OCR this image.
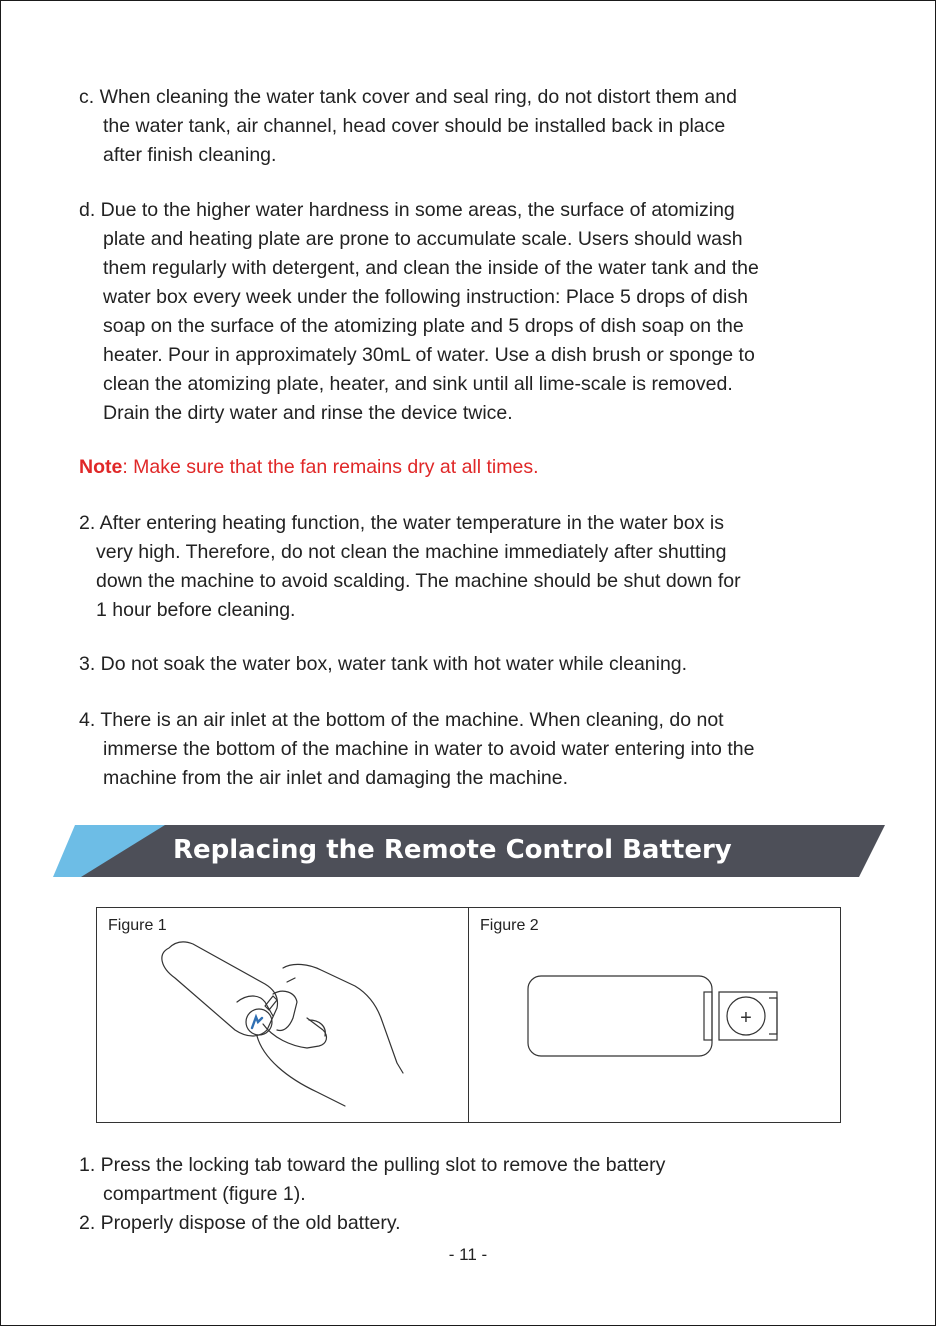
c. When cleaning the water tank cover and seal ring, do not distort them and
the water tank, air channel, head cover should be installed back in place
after finish cleaning.

d. Due to the higher water hardness in some areas, the surface of atomizing
plate and heating plate are prone to accumulate scale. Users should wash
them regularly with detergent, and clean the inside of the water tank and the
water box every week under the following instruction: Place 5 drops of dish
soap on the surface of the atomizing plate and 5 drops of dish soap on the
heater. Pour in approximately 30mL of water. Use a dish brush or sponge to
clean the atomizing plate, heater, and sink until all lime-scale is removed.
Drain the dirty water and rinse the device twice.

Note: Make sure that the fan remains dry at all times.

2. After entering heating function, the water temperature in the water box is
very high. Therefore, do not clean the machine immediately after shutting
down the machine to avoid scalding. The machine should be shut down for
1 hour before cleaning.

3. Do not soak the water box, water tank with hot water while cleaning.

4. There is an air inlet at the bottom of the machine. When cleaning, do not
immerse the bottom of the machine in water to avoid water entering into the
machine from the air inlet and damaging the machine.

Replacing the Remote Control Battery
Figure 1	Figure 2
+

1. Press the locking tab toward the pulling slot to remove the battery
compartment (figure 1).
2. Properly dispose of the old battery.

- 11 -
